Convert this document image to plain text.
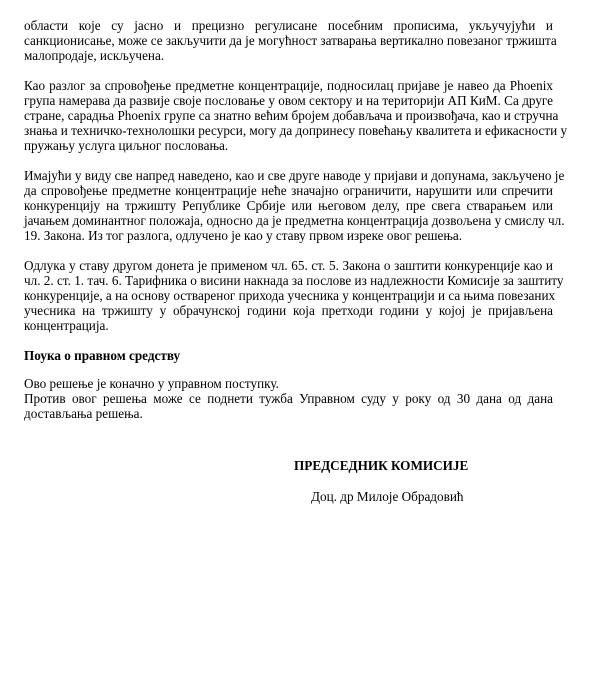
области које су јасно и прецизно регулисане посебним прописима, укључујући и
санкционисање, може се закључити да је могућност затварања вертикално повезаног тржишта
малопродаје, искључена.
Као разлог за спровођење предметне концентрације, подносилац пријаве је навео да Phoenix
група намерава да развије своје пословање у овом сектору и на територији АП КиМ. Са друге
стране, сарадња Phoenix групе са знатно већим бројем добављача и произвођача, као и стручна
знања и техничко-технолошки ресурси, могу да допринесу повећању квалитета и ефикасности у
пружању услуга циљног пословања.
Имајући у виду све напред наведено, као и све друге наводе у пријави и допунама, закључено је
да спровођење предметне концентрације неће значајно ограничити, нарушити или спречити
конкуренцију на тржишту Републике Србије или његовом делу, пре свега стварањем или
јачањем доминантног положаја, односно да је предметна концентрација дозвољена у смислу чл.
19. Закона. Из тог разлога, одлучено је као у ставу првом изреке овог решења.
Одлука у ставу другом донета је применом чл. 65. ст. 5. Закона о заштити конкуренције као и
чл. 2. ст. 1. тач. 6. Тарифника о висини накнада за послове из надлежности Комисије за заштиту
конкуренције, а на основу оствареног прихода учесника у концентрацији и са њима повезаних
учесника на тржишту у обрачунској години која претходи години у којој је пријављена
концентрација.
Поука о правном средству
Ово решење је коначно у управном поступку.
Против овог решења може се поднети тужба Управном суду у року од 30 дана од дана
достављања решења.
ПРЕДСЕДНИК КОМИСИЈЕ
Доц. др Милоје Обрадовић
